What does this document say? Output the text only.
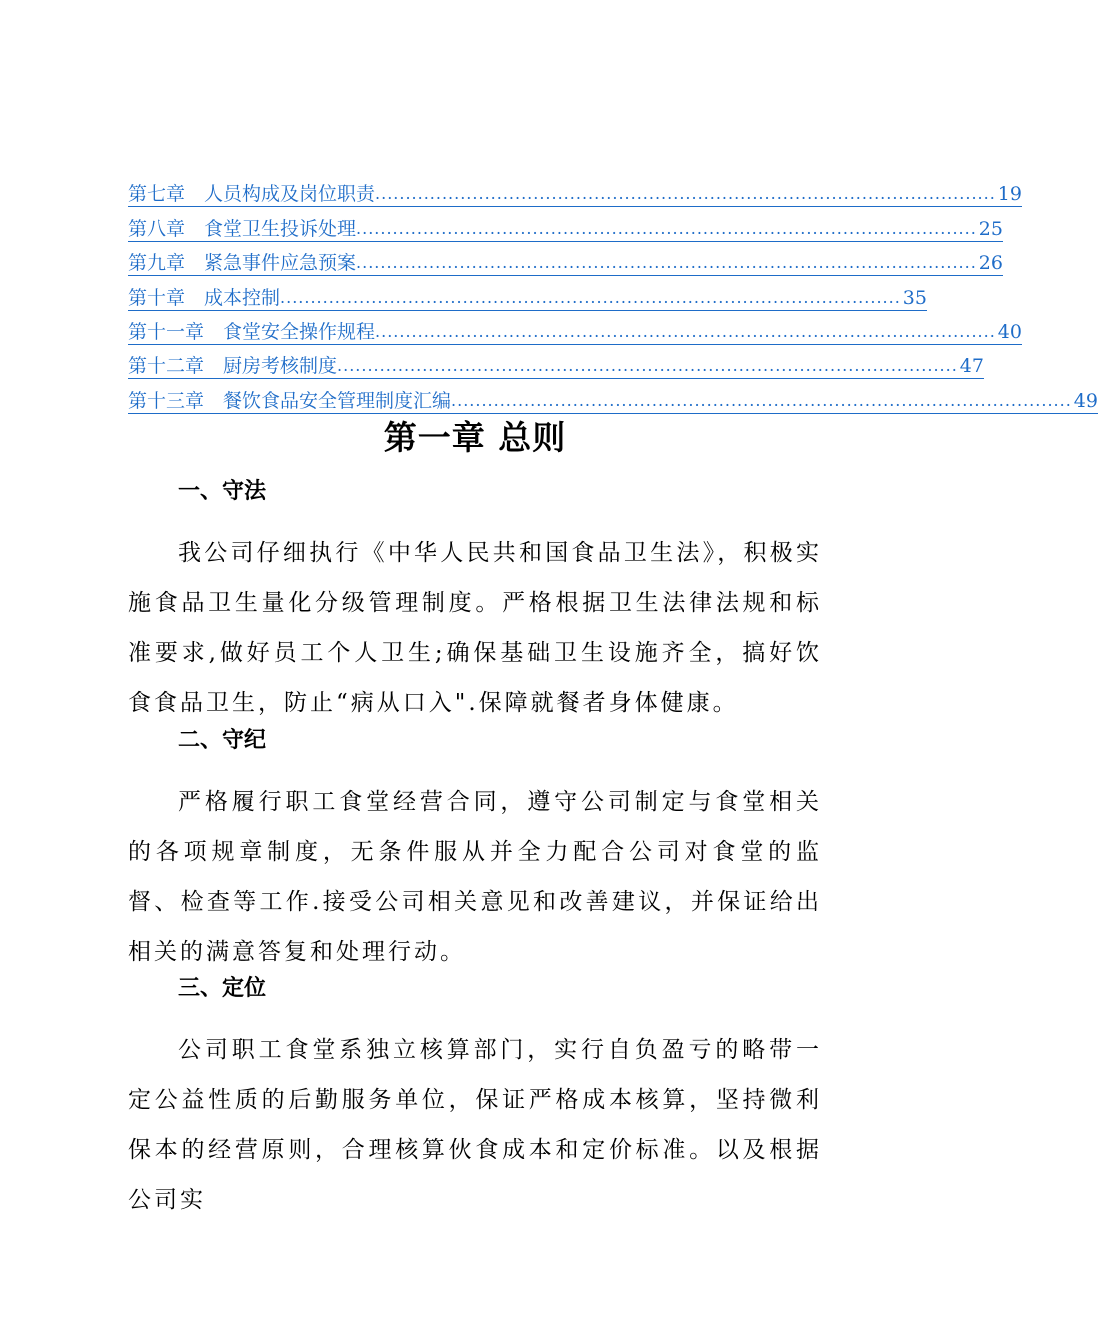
第七章　人员构成及岗位职责 ...................................................................................................... 19
第八章　食堂卫生投诉处理 ...................................................................................................... 25
第九章　紧急事件应急预案 ...................................................................................................... 26
第十章　成本控制 ...................................................................................................... 35
第十一章　食堂安全操作规程 ...................................................................................................... 40
第十二章　厨房考核制度 ...................................................................................................... 47
第十三章　餐饮食品安全管理制度汇编 ...................................................................................................... 49
第一章 总则
一、守法

我公司仔细执行《中华人民共和国食品卫生法》，积极实施食品卫生量化分级管理制度。严格根据卫生法律法规和标准要求,做好员工个人卫生;确保基础卫生设施齐全，搞好饮食食品卫生，防止“病从口入".保障就餐者身体健康。

二、守纪

严格履行职工食堂经营合同，遵守公司制定与食堂相关的各项规章制度，无条件服从并全力配合公司对食堂的监督、检查等工作.接受公司相关意见和改善建议，并保证给出相关的满意答复和处理行动。

三、定位

公司职工食堂系独立核算部门，实行自负盈亏的略带一定公益性质的后勤服务单位，保证严格成本核算，坚持微利保本的经营原则，合理核算伙食成本和定价标准。以及根据公司实
